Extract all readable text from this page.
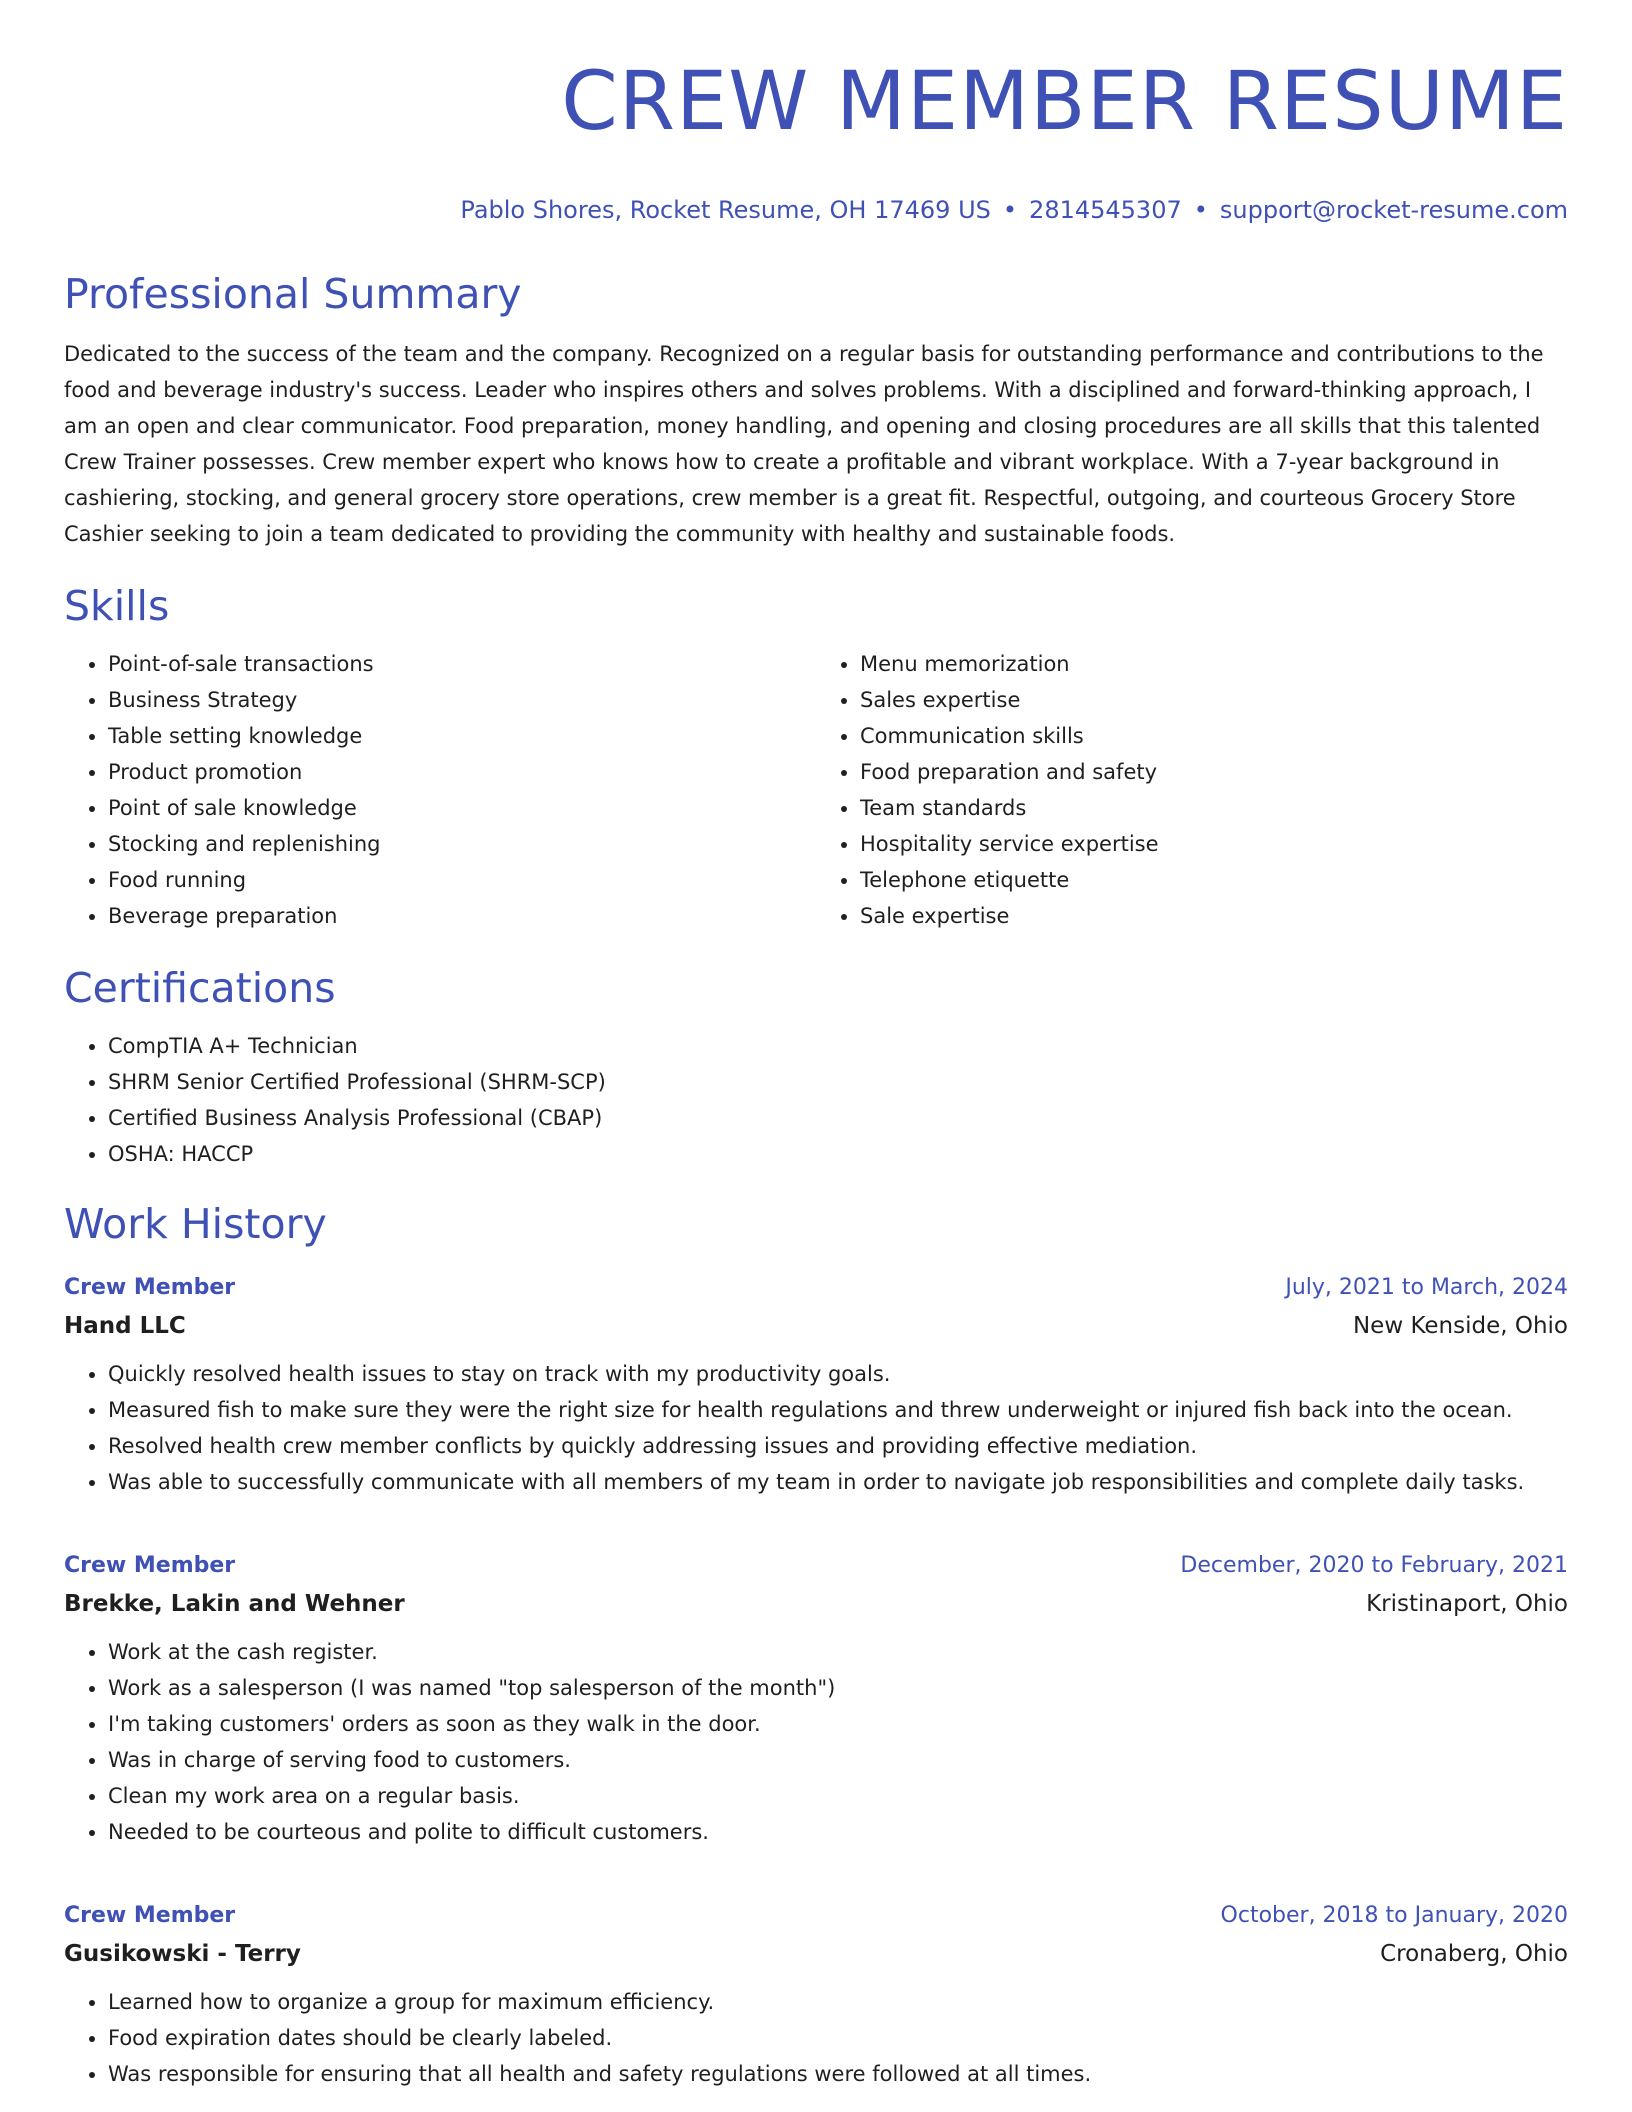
CREW MEMBER RESUME
Pablo Shores, Rocket Resume, OH 17469 US • 2814545307 • support@rocket-resume.com
Professional Summary
Dedicated to the success of the team and the company. Recognized on a regular basis for outstanding performance and contributions to the food and beverage industry's success. Leader who inspires others and solves problems. With a disciplined and forward-thinking approach, I am an open and clear communicator. Food preparation, money handling, and opening and closing procedures are all skills that this talented Crew Trainer possesses. Crew member expert who knows how to create a profitable and vibrant workplace. With a 7-year background in cashiering, stocking, and general grocery store operations, crew member is a great fit. Respectful, outgoing, and courteous Grocery Store Cashier seeking to join a team dedicated to providing the community with healthy and sustainable foods.
Skills
• Point-of-sale transactions
• Business Strategy
• Table setting knowledge
• Product promotion
• Point of sale knowledge
• Stocking and replenishing
• Food running
• Beverage preparation
• Menu memorization
• Sales expertise
• Communication skills
• Food preparation and safety
• Team standards
• Hospitality service expertise
• Telephone etiquette
• Sale expertise
Certifications
• CompTIA A+ Technician
• SHRM Senior Certified Professional (SHRM-SCP)
• Certified Business Analysis Professional (CBAP)
• OSHA: HACCP
Work History
Crew Member	July, 2021 to March, 2024
Hand LLC	New Kenside, Ohio
• Quickly resolved health issues to stay on track with my productivity goals.
• Measured fish to make sure they were the right size for health regulations and threw underweight or injured fish back into the ocean.
• Resolved health crew member conflicts by quickly addressing issues and providing effective mediation.
• Was able to successfully communicate with all members of my team in order to navigate job responsibilities and complete daily tasks.
Crew Member	December, 2020 to February, 2021
Brekke, Lakin and Wehner	Kristinaport, Ohio
• Work at the cash register.
• Work as a salesperson (I was named "top salesperson of the month")
• I'm taking customers' orders as soon as they walk in the door.
• Was in charge of serving food to customers.
• Clean my work area on a regular basis.
• Needed to be courteous and polite to difficult customers.
Crew Member	October, 2018 to January, 2020
Gusikowski - Terry	Cronaberg, Ohio
• Learned how to organize a group for maximum efficiency.
• Food expiration dates should be clearly labeled.
• Was responsible for ensuring that all health and safety regulations were followed at all times.
